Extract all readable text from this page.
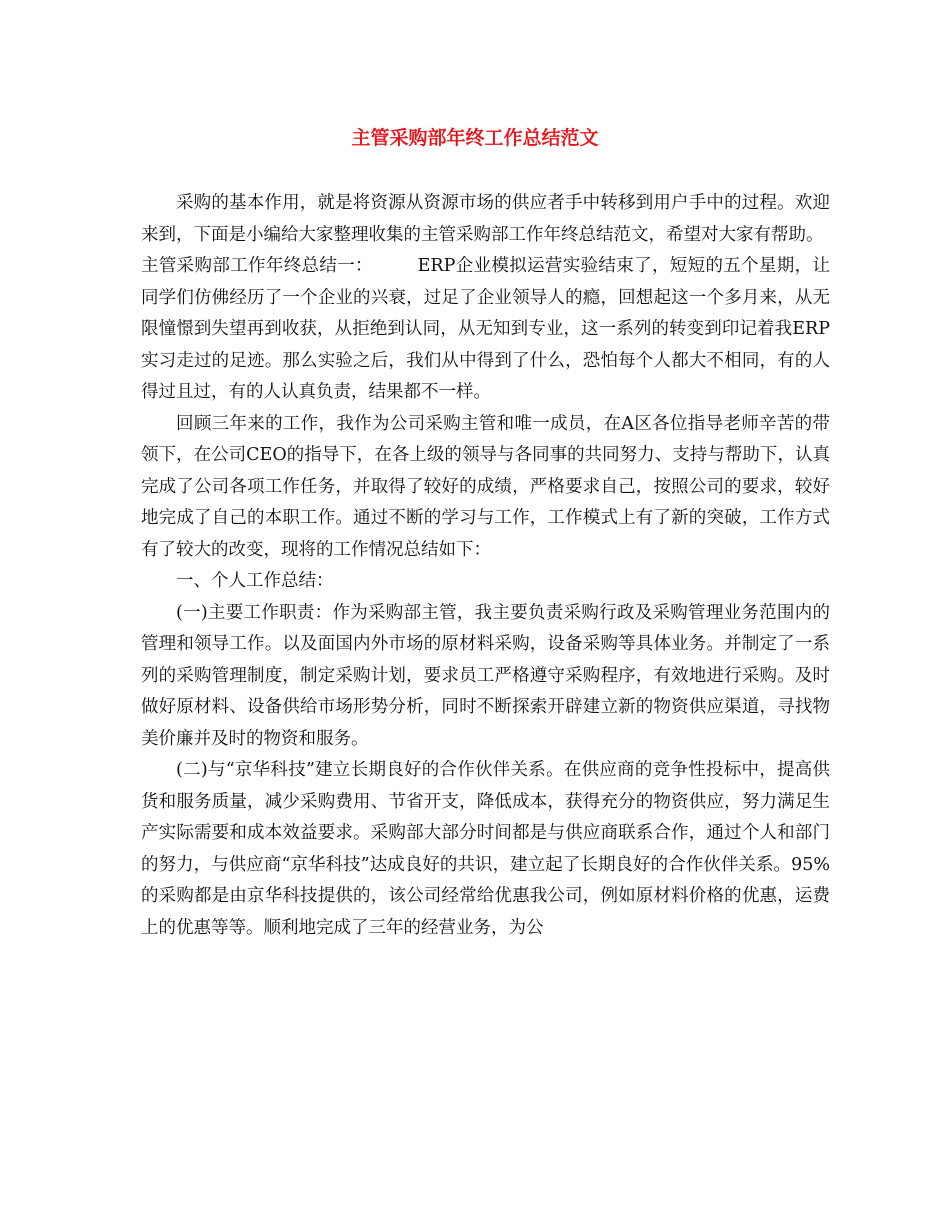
主管采购部年终工作总结范文

采购的基本作用，就是将资源从资源市场的供应者手中转移到用户手中的过程。欢迎来到，下面是小编给大家整理收集的主管采购部工作年终总结范文，希望对大家有帮助。

主管采购部工作年终总结一：　　　ERP企业模拟运营实验结束了，短短的五个星期，让同学们仿佛经历了一个企业的兴衰，过足了企业领导人的瘾，回想起这一个多月来，从无限憧憬到失望再到收获，从拒绝到认同，从无知到专业，这一系列的转变到印记着我ERP实习走过的足迹。那么实验之后，我们从中得到了什么，恐怕每个人都大不相同，有的人得过且过，有的人认真负责，结果都不一样。

回顾三年来的工作，我作为公司采购主管和唯一成员，在A区各位指导老师辛苦的带领下，在公司CEO的指导下，在各上级的领导与各同事的共同努力、支持与帮助下，认真完成了公司各项工作任务，并取得了较好的成绩，严格要求自己，按照公司的要求，较好地完成了自己的本职工作。通过不断的学习与工作，工作模式上有了新的突破，工作方式有了较大的改变，现将的工作情况总结如下：

一、个人工作总结：

(一)主要工作职责：作为采购部主管，我主要负责采购行政及采购管理业务范围内的管理和领导工作。以及面国内外市场的原材料采购，设备采购等具体业务。并制定了一系列的采购管理制度，制定采购计划，要求员工严格遵守采购程序，有效地进行采购。及时做好原材料、设备供给市场形势分析，同时不断探索开辟建立新的物资供应渠道，寻找物美价廉并及时的物资和服务。

(二)与“京华科技”建立长期良好的合作伙伴关系。在供应商的竞争性投标中，提高供货和服务质量，减少采购费用、节省开支，降低成本，获得充分的物资供应，努力满足生产实际需要和成本效益要求。采购部大部分时间都是与供应商联系合作，通过个人和部门的努力，与供应商“京华科技”达成良好的共识，建立起了长期良好的合作伙伴关系。95%的采购都是由京华科技提供的，该公司经常给优惠我公司，例如原材料价格的优惠，运费上的优惠等等。顺利地完成了三年的经营业务，为公
